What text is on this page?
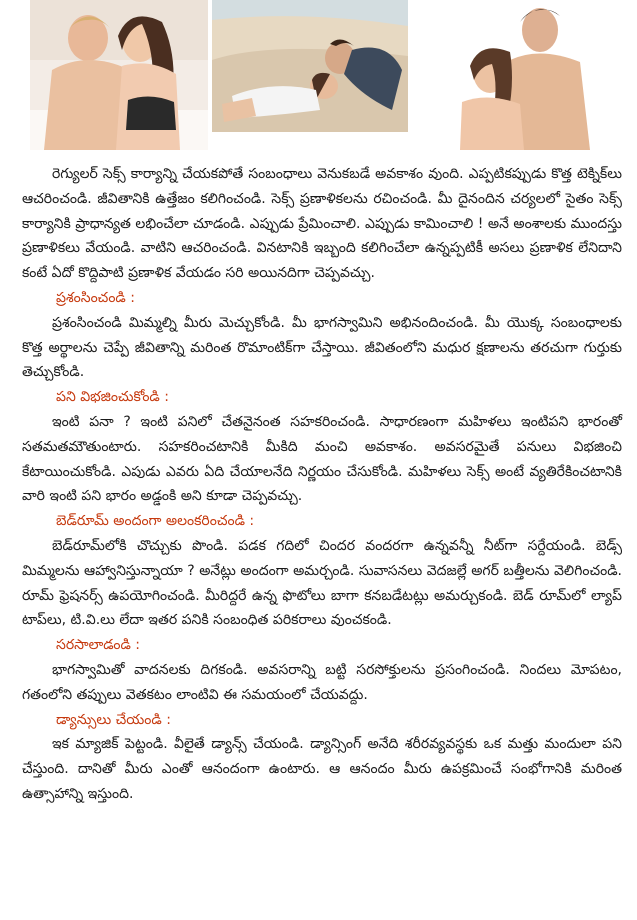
రెగ్యులర్ సెక్స్ కార్యాన్ని చేయకపోతే సంబంధాలు వెనుకబడే అవకాశం వుంది. ఎప్పటికప్పుడు కొత్త టెక్నిక్‌లు ఆచరించండి. జీవితానికి ఉత్తేజం కలిగించండి. సెక్స్ ప్రణాళికలను రచించండి. మీ దైనందిన చర్యలలో సైతం సెక్స్ కార్యానికి ప్రాధాన్యత లభించేలా చూడండి. ఎప్పుడు ప్రేమించాలి. ఎప్పుడు కామించాలి ! అనే అంశాలకు ముందస్తు ప్రణాళికలు వేయండి. వాటిని ఆచరించండి. వినటానికి ఇబ్బంది కలిగించేలా ఉన్నప్పటికీ అసలు ప్రణాళిక లేనిదాని కంటే ఏదో కొద్దిపాటి ప్రణాళిక వేయడం సరి అయినదిగా చెప్పవచ్చు.

ప్రశంసించండి :

ప్రశంసించండి మిమ్మల్ని మీరు మెచ్చుకోండి. మీ భాగస్వామిని అభినందించండి. మీ యొక్క సంబంధాలకు కొత్త అర్థాలను చెప్పే జీవితాన్ని మరింత రొమాంటిక్‌గా చేస్తాయి. జీవితంలోని మధుర క్షణాలను తరచుగా గుర్తుకు తెచ్చుకోండి.

పని విభజించుకోండి :

ఇంటి పనా ? ఇంటి పనిలో చేతనైనంత సహకరించండి. సాధారణంగా మహిళలు ఇంటిపని భారంతో సతమతమౌతుంటారు. సహకరించటానికి మీకిది మంచి అవకాశం. అవసరమైతే పనులు విభజించి కేటాయించుకోండి. ఎపుడు ఎవరు ఏది చేయాలనేది నిర్ణయం చేసుకోండి. మహిళలు సెక్స్ అంటే వ్యతిరేకించటానికి వారి ఇంటి పని భారం అడ్డంకి అని కూడా చెప్పవచ్చు.

బెడ్‌రూమ్ అందంగా అలంకరించండి :

బెడ్‌రూమ్‌లోకి చొచ్చుకు పొండి. పడక గదిలో చిందర వందరగా ఉన్నవన్నీ నీట్‌గా సర్దేయండి. బెడ్స్ మిమ్మలను ఆహ్వానిస్తున్నాయా ? అనేట్లు అందంగా అమర్చండి. సువాసనలు వెదజల్లే అగర్ బత్తీలను వెలిగించండి. రూమ్ ఫ్రెషనర్స్ ఉపయోగించండి. మీరిద్దరే ఉన్న ఫొటోలు బాగా కనబడేటట్లు అమర్చుకండి. బెడ్ రూమ్‌లో ల్యాప్ టాప్‌లు, టి.వి.లు లేదా ఇతర పనికి సంబంధిత పరికరాలు వుంచకండి.

సరసాలాడండి :

భాగస్వామితో వాదనలకు దిగకండి. అవసరాన్ని బట్టి సరసోక్తులను ప్రసంగించండి. నిందలు మోపటం, గతంలోని తప్పులు వెతకటం లాంటివి ఈ సమయంలో చేయవద్దు.

డ్యాన్సులు చేయండి :

ఇక మ్యాజిక్ పెట్టండి. వీలైతే డ్యాన్స్ చేయండి. డ్యాన్సింగ్ అనేది శరీరవ్యవస్థకు ఒక మత్తు మందులా పని చేస్తుంది. దానితో మీరు ఎంతో ఆనందంగా ఉంటారు. ఆ ఆనందం మీరు ఉపక్రమించే సంభోగానికి మరింత ఉత్సాహాన్ని ఇస్తుంది.
